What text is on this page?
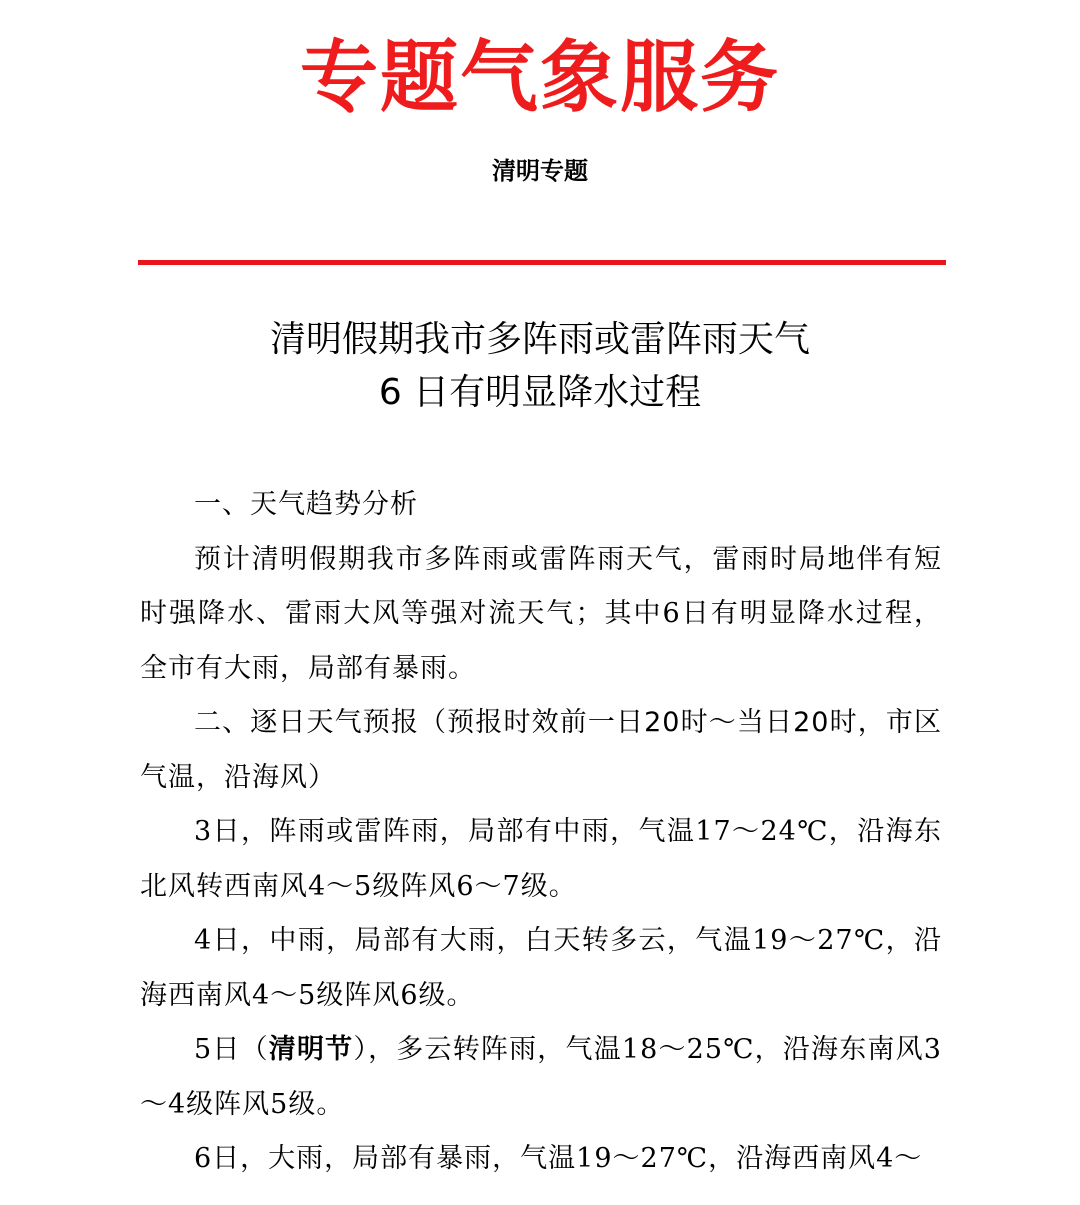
专题气象服务
清明专题
清明假期我市多阵雨或雷阵雨天气
6 日有明显降水过程

一、天气趋势分析

预计清明假期我市多阵雨或雷阵雨天气，雷雨时局地伴有短时强降水、雷雨大风等强对流天气；其中6日有明显降水过程，全市有大雨，局部有暴雨。

二、逐日天气预报（预报时效前一日20时～当日20时，市区气温，沿海风）

3日，阵雨或雷阵雨，局部有中雨，气温17～24℃，沿海东北风转西南风4～5级阵风6～7级。

4日，中雨，局部有大雨，白天转多云，气温19～27℃，沿海西南风4～5级阵风6级。

5日（清明节），多云转阵雨，气温18～25℃，沿海东南风3～4级阵风5级。

6日，大雨，局部有暴雨，气温19～27℃，沿海西南风4～
